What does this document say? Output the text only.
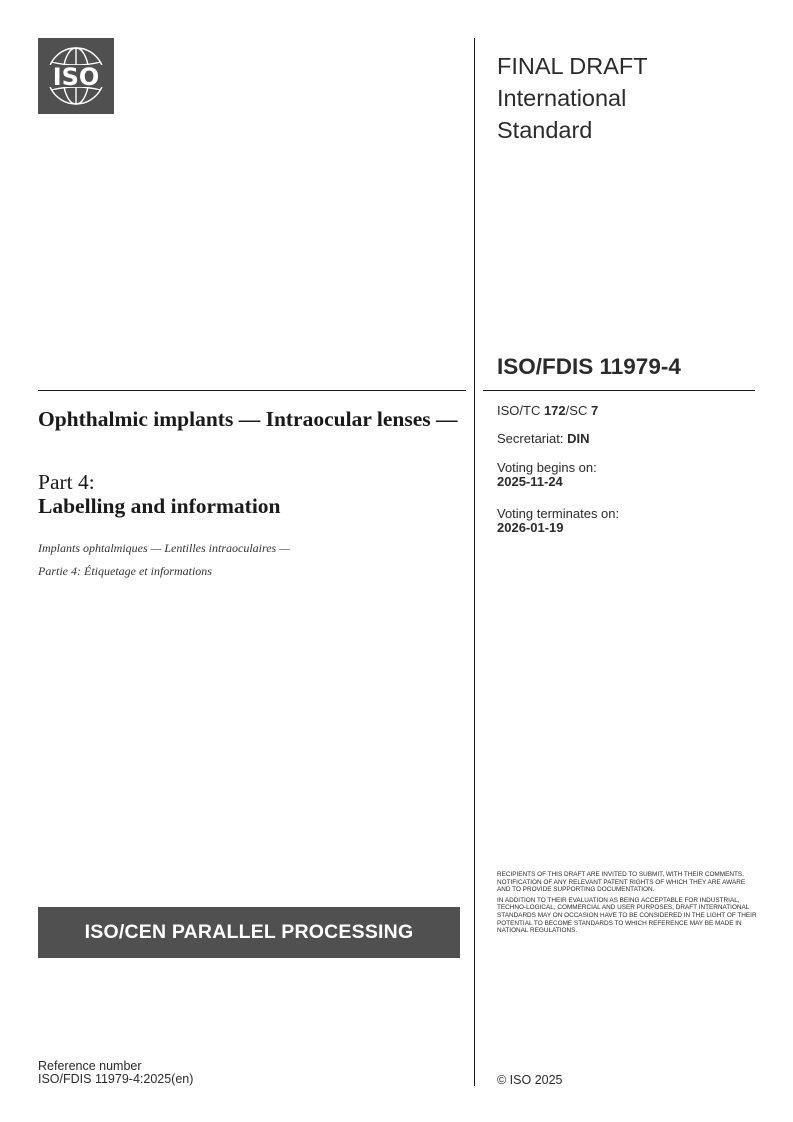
ISO	FINAL DRAFT
International
Standard
ISO/FDIS 11979-4
Ophthalmic implants — Intraocular lenses —
Part 4:
Labelling and information
Implants ophtalmiques — Lentilles intraoculaires —
Partie 4: Étiquetage et informations
ISO/TC 172/SC 7
Secretariat: DIN
Voting begins on:
2025-11-24
Voting terminates on:
2026-01-19

RECIPIENTS OF THIS DRAFT ARE INVITED TO SUBMIT, WITH THEIR COMMENTS, NOTIFICATION OF ANY RELEVANT PATENT RIGHTS OF WHICH THEY ARE AWARE AND TO PROVIDE SUPPORTING DOCUMENTATION.

IN ADDITION TO THEIR EVALUATION AS BEING ACCEPTABLE FOR INDUSTRIAL, TECHNO-LOGICAL, COMMERCIAL AND USER PURPOSES, DRAFT INTERNATIONAL STANDARDS MAY ON OCCASION HAVE TO BE CONSIDERED IN THE LIGHT OF THEIR POTENTIAL TO BECOME STANDARDS TO WHICH REFERENCE MAY BE MADE IN NATIONAL REGULATIONS.

ISO/CEN PARALLEL PROCESSING
Reference number
ISO/FDIS 11979-4:2025(en)	© ISO 2025
